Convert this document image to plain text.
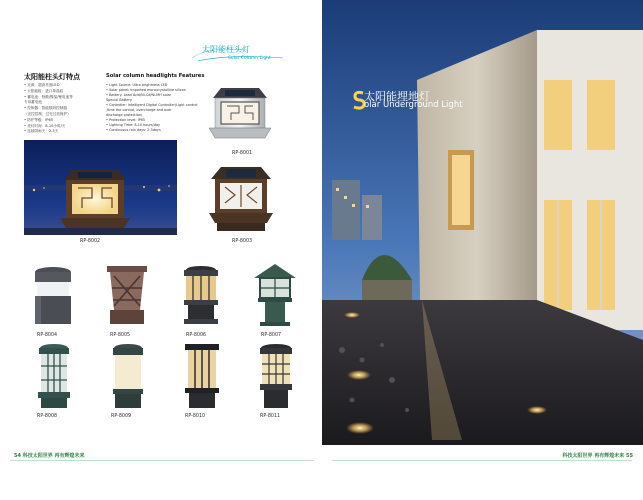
太阳能柱头灯
Solar Column Light
太阳能柱头灯特点
• 光源：超高亮度LED
• 太阳能板：进口单晶硅
• 蓄电池：铅酸/镍氢/锂电池等
专用蓄电池
• 控制器：智能数码控制器
（光控控制、过充过放保护）
• 防护等级：IP65
• 亮灯时间：8-10小时/天
• 连续阴雨天：2-3天
Solar column headlights Features
• Light Source: Ultra brightness LED
• Solar panel: Imported monocrystalline silicon
• Battery: Lead Acid/Ni-Cd/Ni-MH solar
Special Battery
• Controller: Intelligent Digital Controller(Light control
,time the control, overcharge and over
discharge protection)
• Protection level: IP65
• Lighting Time: 8-10 hours/day
• Continuous rain days: 2-3days
RP-8001
RP-8002	RP-8003
RP-8004	RP-8005	RP-8006	RP-8007
RP-8008	RP-8009	RP-8010	RP-8011
54 科技太阳世界 再有辉煌未来
太阳能埋地灯
olar Underground Light
科技太阳世界 再有辉煌未来 55
